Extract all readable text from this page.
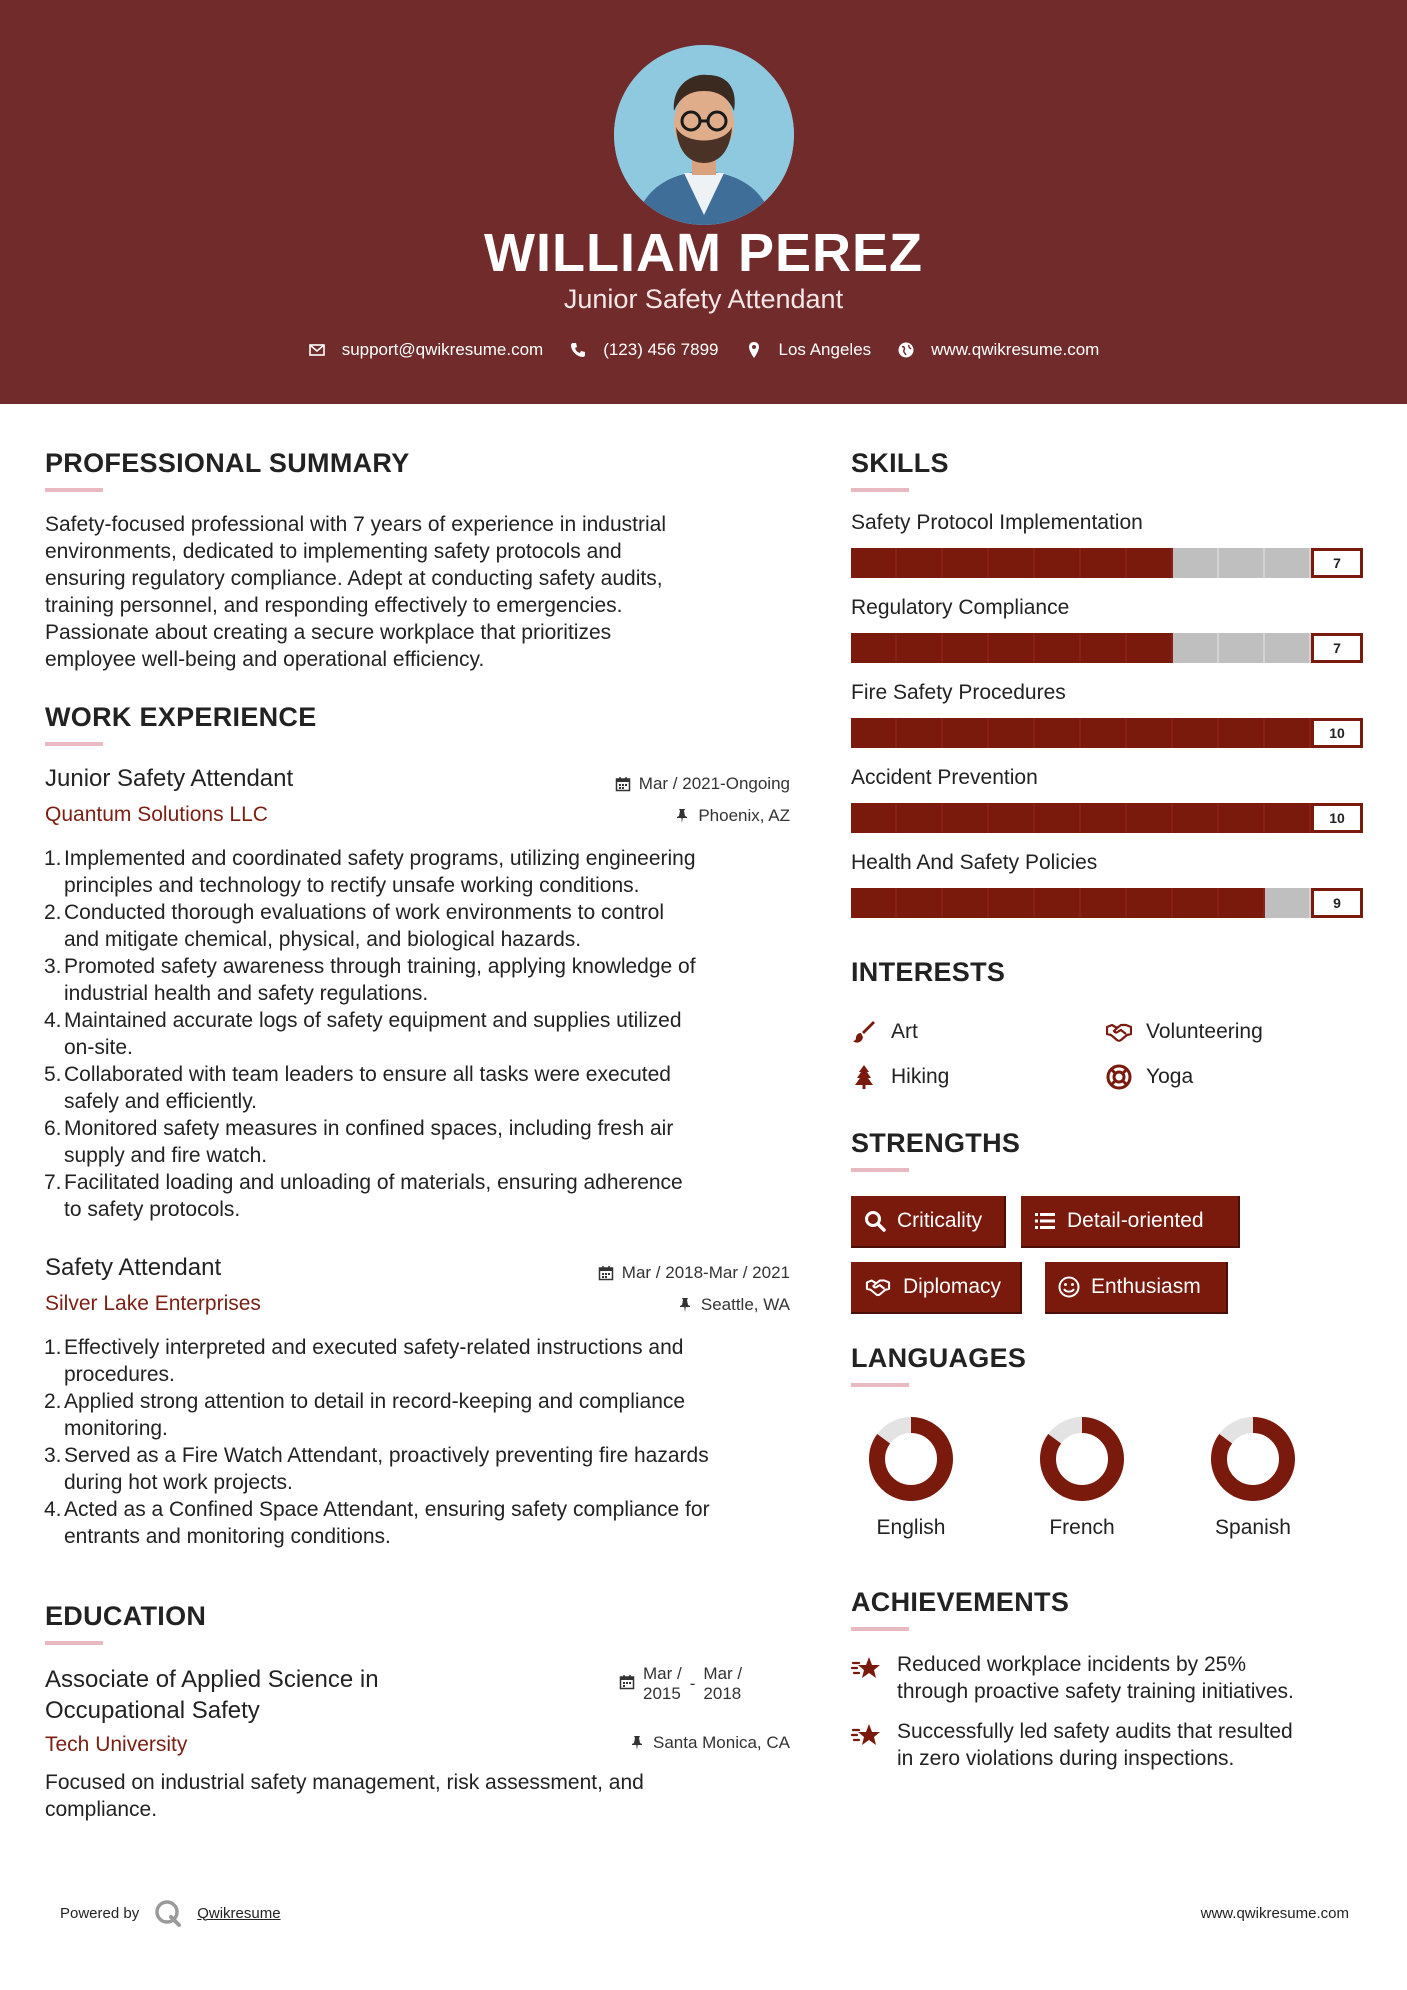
WILLIAM PEREZ
Junior Safety Attendant
support@qwikresume.com	(123) 456 7899	Los Angeles	www.qwikresume.com
PROFESSIONAL SUMMARY
Safety-focused professional with 7 years of experience in industrial
environments, dedicated to implementing safety protocols and
ensuring regulatory compliance. Adept at conducting safety audits,
training personnel, and responding effectively to emergencies.
Passionate about creating a secure workplace that prioritizes
employee well-being and operational efficiency.
WORK EXPERIENCE
Junior Safety Attendant	Mar / 2021-Ongoing
Quantum Solutions LLC	Phoenix, AZ
1. Implemented and coordinated safety programs, utilizing engineering
principles and technology to rectify unsafe working conditions.
2. Conducted thorough evaluations of work environments to control
and mitigate chemical, physical, and biological hazards.
3. Promoted safety awareness through training, applying knowledge of
industrial health and safety regulations.
4. Maintained accurate logs of safety equipment and supplies utilized
on-site.
5. Collaborated with team leaders to ensure all tasks were executed
safely and efficiently.
6. Monitored safety measures in confined spaces, including fresh air
supply and fire watch.
7. Facilitated loading and unloading of materials, ensuring adherence
to safety protocols.
Safety Attendant	Mar / 2018-Mar / 2021
Silver Lake Enterprises	Seattle, WA
1. Effectively interpreted and executed safety-related instructions and
procedures.
2. Applied strong attention to detail in record-keeping and compliance
monitoring.
3. Served as a Fire Watch Attendant, proactively preventing fire hazards
during hot work projects.
4. Acted as a Confined Space Attendant, ensuring safety compliance for
entrants and monitoring conditions.
EDUCATION
Associate of Applied Science in
Occupational Safety
Mar /
2015
-
Mar /
2018
Tech University	Santa Monica, CA
Focused on industrial safety management, risk assessment, and
compliance.
SKILLS
Safety Protocol Implementation
7
Regulatory Compliance
7
Fire Safety Procedures
10
Accident Prevention
10
Health And Safety Policies
9
INTERESTS
Art	Volunteering
Hiking	Yoga
STRENGTHS
Criticality	Detail-oriented
Diplomacy	Enthusiasm
LANGUAGES
English	French	Spanish
ACHIEVEMENTS
Reduced workplace incidents by 25%
through proactive safety training initiatives.
Successfully led safety audits that resulted
in zero violations during inspections.
Powered by	Qwikresume	www.qwikresume.com
